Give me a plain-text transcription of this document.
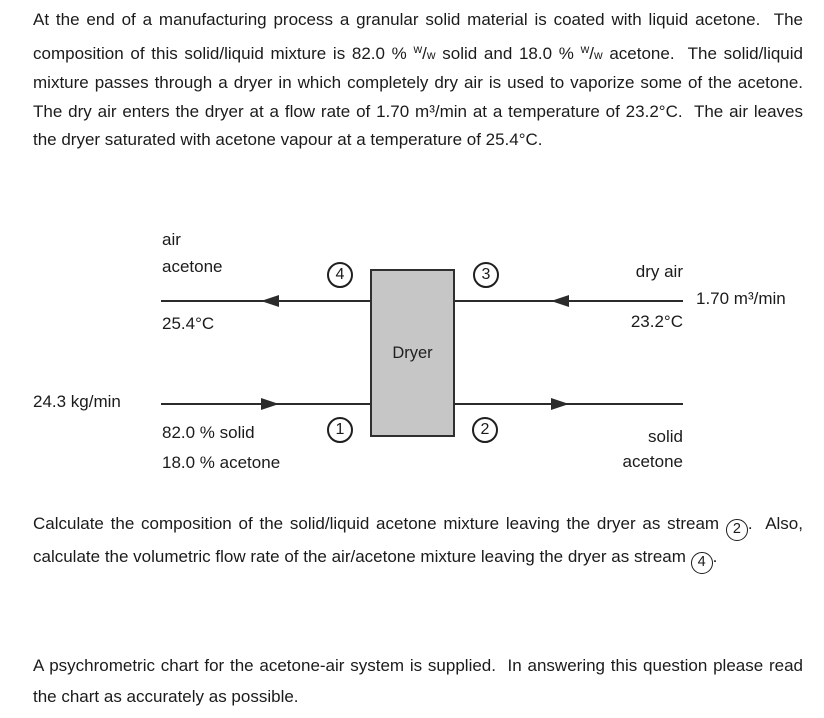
At the end of a manufacturing process a granular solid material is coated with liquid acetone.  The composition of this solid/liquid mixture is 82.0 % $^w$/w solid and 18.0 % $^w$/w acetone.  The solid/liquid mixture passes through a dryer in which completely dry air is used to vaporize some of the acetone.  The dry air enters the dryer at a flow rate of 1.70 m³/min at a temperature of 23.2°C.  The air leaves the dryer saturated with acetone vapour at a temperature of 25.4°C.

air
acetone	4
25.4°C
3	dry air
1.70 m³/min
23.2°C
Dryer
24.3 kg/min
1
82.0 % solid
18.0 % acetone
2	solid
acetone

Calculate the composition of the solid/liquid acetone mixture leaving the dryer as stream 2 .  Also, calculate the volumetric flow rate of the air/acetone mixture leaving the dryer as stream 4 .

A psychrometric chart for the acetone-air system is supplied.  In answering this question please read the chart as accurately as possible.
